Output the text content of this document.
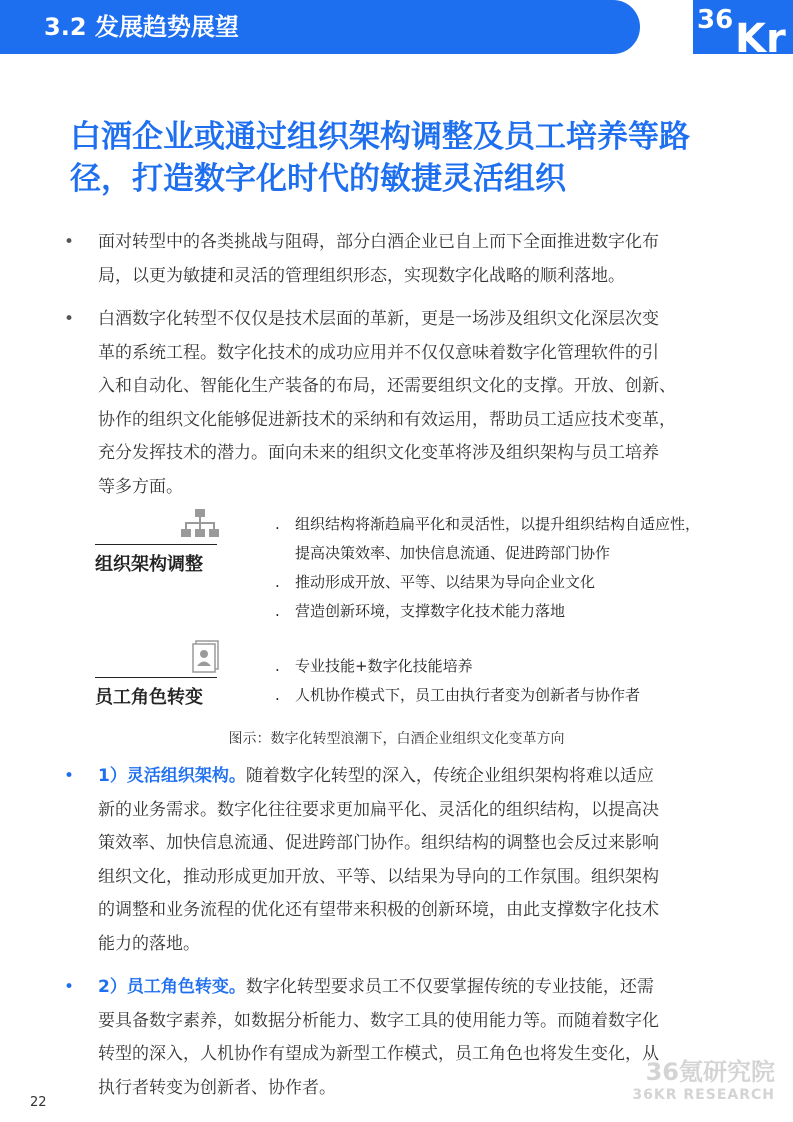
3.2 发展趋势展望	36 Kr
白酒企业或通过组织架构调整及员工培养等路
径，打造数字化时代的敏捷灵活组织
• 面对转型中的各类挑战与阻碍，部分白酒企业已自上而下全面推进数字化布
局，以更为敏捷和灵活的管理组织形态，实现数字化战略的顺利落地。
• 白酒数字化转型不仅仅是技术层面的革新，更是一场涉及组织文化深层次变
革的系统工程。数字化技术的成功应用并不仅仅意味着数字化管理软件的引
入和自动化、智能化生产装备的布局，还需要组织文化的支撑。开放、创新、
协作的组织文化能够促进新技术的采纳和有效运用，帮助员工适应技术变革，
充分发挥技术的潜力。面向未来的组织文化变革将涉及组织架构与员工培养
等多方面。
组织架构调整
. 组织结构将渐趋扁平化和灵活性，以提升组织结构自适应性，
提高决策效率、加快信息流通、促进跨部门协作
. 推动形成开放、平等、以结果为导向企业文化
. 营造创新环境，支撑数字化技术能力落地
员工角色转变
. 专业技能+数字化技能培养
. 人机协作模式下，员工由执行者变为创新者与协作者
图示：数字化转型浪潮下，白酒企业组织文化变革方向
• 1）灵活组织架构。随着数字化转型的深入，传统企业组织架构将难以适应
新的业务需求。数字化往往要求更加扁平化、灵活化的组织结构，以提高决
策效率、加快信息流通、促进跨部门协作。组织结构的调整也会反过来影响
组织文化，推动形成更加开放、平等、以结果为导向的工作氛围。组织架构
的调整和业务流程的优化还有望带来积极的创新环境，由此支撑数字化技术
能力的落地。
• 2）员工角色转变。数字化转型要求员工不仅要掌握传统的专业技能，还需
要具备数字素养，如数据分析能力、数字工具的使用能力等。而随着数字化
转型的深入，人机协作有望成为新型工作模式，员工角色也将发生变化，从
执行者转变为创新者、协作者。
22
36氪研究院
36KR RESEARCH
